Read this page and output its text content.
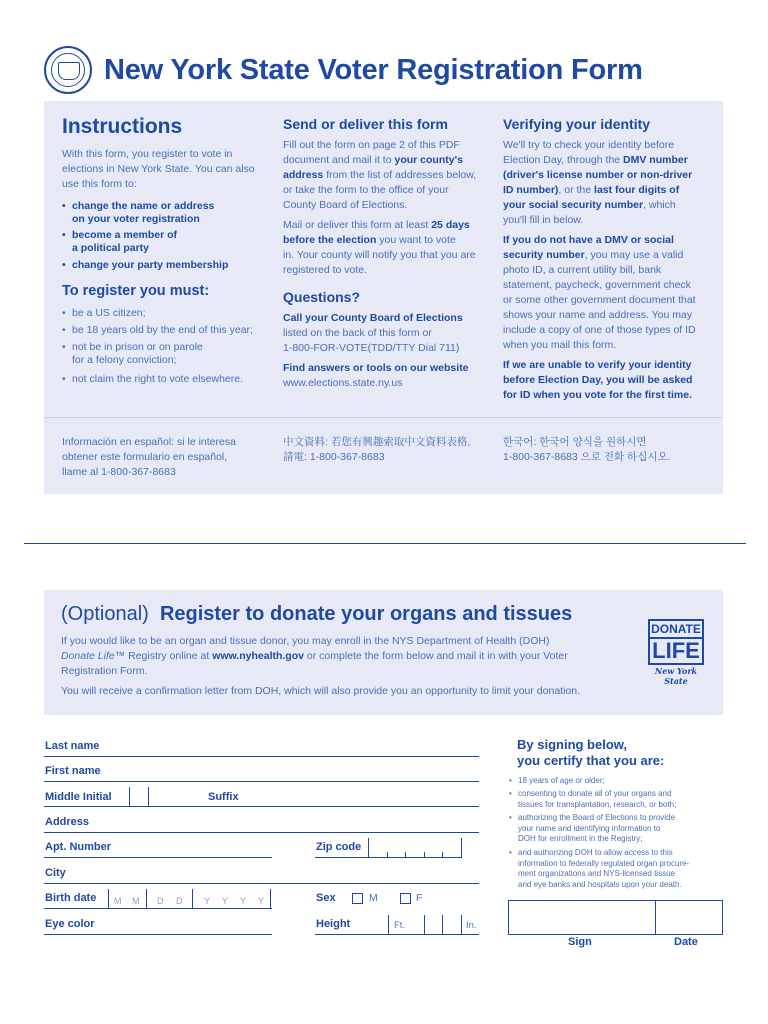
New York State Voter Registration Form
Instructions
With this form, you register to vote in
elections in New York State. You can also
use this form to:
• change the name or address
on your voter registration
• become a member of
a political party
• change your party membership
To register you must:
• be a US citizen;
• be 18 years old by the end of this year;
• not be in prison or on parole
for a felony conviction;
• not claim the right to vote elsewhere.
Send or deliver this form
Fill out the form on page 2 of this PDF
document and mail it to your county's
address from the list of addresses below,
or take the form to the office of your
County Board of Elections.
Mail or deliver this form at least 25 days
before the election you want to vote
in. Your county will notify you that you are
registered to vote.
Questions?
Call your County Board of Elections
listed on the back of this form or
1-800-FOR-VOTE(TDD/TTY Dial 711)
Find answers or tools on our website
www.elections.state.ny.us
Verifying your identity
We'll try to check your identity before
Election Day, through the DMV number
(driver's license number or non-driver
ID number), or the last four digits of
your social security number, which
you'll fill in below.
If you do not have a DMV or social
security number, you may use a valid
photo ID, a current utility bill, bank
statement, paycheck, government check
or some other government document that
shows your name and address. You may
include a copy of one of those types of ID
when you mail this form.
If we are unable to verify your identity
before Election Day, you will be asked
for ID when you vote for the first time.
Información en español: si le interesa
obtener este formulario en español,
llame al 1-800-367-8683
中文資料: 若您有興趣索取中文資料表格,
請電: 1-800-367-8683
한국어: 한국어 양식을 원하시면
1-800-367-8683 으로 전화 하십시오.
(Optional) Register to donate your organs and tissues
If you would like to be an organ and tissue donor, you may enroll in the NYS Department of Health (DOH)
Donate Life™ Registry online at www.nyhealth.gov or complete the form below and mail it in with your Voter
Registration Form.
You will receive a confirmation letter from DOH, which will also provide you an opportunity to limit your donation.
DONATE
LIFE
New York State
Last name
First name
Middle Initial	Suffix
Address
Apt. Number	Zip code
City
Birth date M M D D Y Y Y Y	Sex	M	F
Eye color	Height	Ft.	In.
By signing below,
you certify that you are:
• 18 years of age or older;
• consenting to donate all of your organs and
tissues for transplantation, research, or both;
• authorizing the Board of Elections to provide
your name and identifying information to
DOH for enrollment in the Registry;
• and authorizing DOH to allow access to this
information to federally regulated organ procure-
ment organizations and NYS-licensed tissue
and eye banks and hospitals upon your death.
Sign	Date
